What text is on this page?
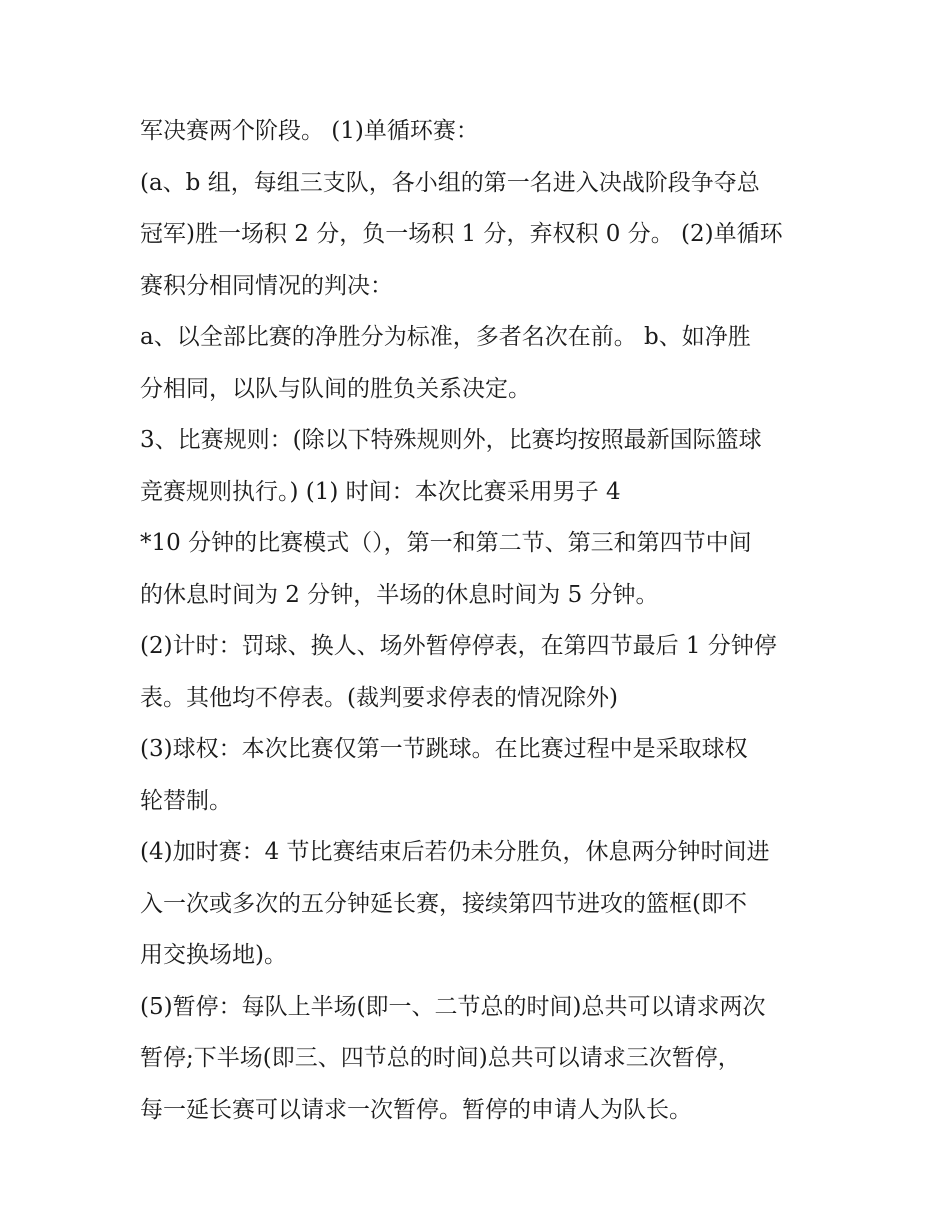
军决赛两个阶段。 (1)单循环赛：
(a、b 组，每组三支队，各小组的第一名进入决战阶段争夺总
冠军)胜一场积 2 分，负一场积 1 分，弃权积 0 分。 (2)单循环
赛积分相同情况的判决：
a、以全部比赛的净胜分为标准，多者名次在前。 b、如净胜
分相同，以队与队间的胜负关系决定。
3、比赛规则：(除以下特殊规则外，比赛均按照最新国际篮球
竞赛规则执行。) (1) 时间：本次比赛采用男子 4
*10 分钟的比赛模式（），第一和第二节、第三和第四节中间
的休息时间为 2 分钟，半场的休息时间为 5 分钟。
(2)计时：罚球、换人、场外暂停停表，在第四节最后 1 分钟停
表。其他均不停表。(裁判要求停表的情况除外)
(3)球权：本次比赛仅第一节跳球。在比赛过程中是采取球权
轮替制。
(4)加时赛：4 节比赛结束后若仍未分胜负，休息两分钟时间进
入一次或多次的五分钟延长赛，接续第四节进攻的篮框(即不
用交换场地)。
(5)暂停：每队上半场(即一、二节总的时间)总共可以请求两次
暂停;下半场(即三、四节总的时间)总共可以请求三次暂停，
每一延长赛可以请求一次暂停。暂停的申请人为队长。
